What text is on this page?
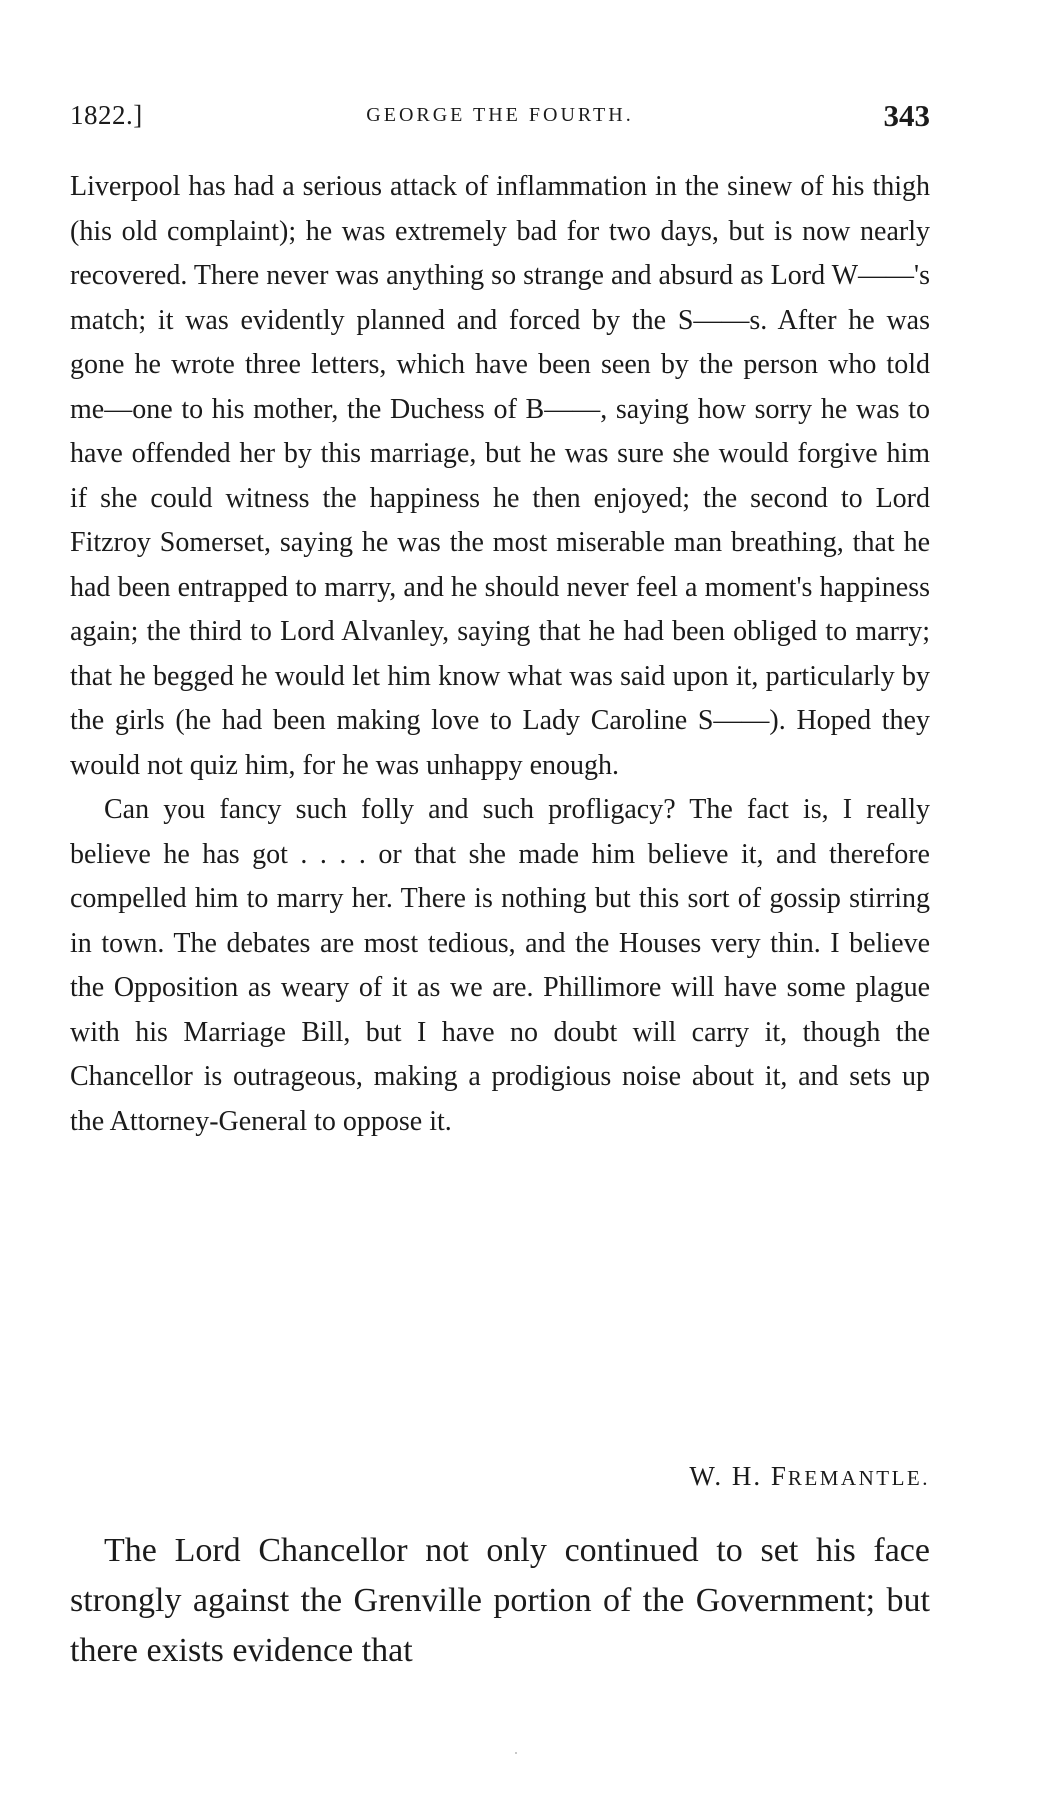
1822.]	GEORGE THE FOURTH.	343

Liverpool has had a serious attack of inflammation in the sinew of his thigh (his old complaint); he was extremely bad for two days, but is now nearly recovered. There never was anything so strange and absurd as Lord W——'s match; it was evidently planned and forced by the S——s. After he was gone he wrote three letters, which have been seen by the person who told me—one to his mother, the Duchess of B——, saying how sorry he was to have offended her by this marriage, but he was sure she would forgive him if she could witness the happiness he then enjoyed; the second to Lord Fitzroy Somerset, saying he was the most miserable man breathing, that he had been entrapped to marry, and he should never feel a moment's happiness again; the third to Lord Alvanley, saying that he had been obliged to marry; that he begged he would let him know what was said upon it, particularly by the girls (he had been making love to Lady Caroline S——). Hoped they would not quiz him, for he was unhappy enough.

Can you fancy such folly and such profligacy? The fact is, I really believe he has got . . . . or that she made him believe it, and therefore compelled him to marry her. There is nothing but this sort of gossip stirring in town. The debates are most tedious, and the Houses very thin. I believe the Opposition as weary of it as we are. Phillimore will have some plague with his Marriage Bill, but I have no doubt will carry it, though the Chancellor is outrageous, making a prodigious noise about it, and sets up the Attorney-General to oppose it.

W. H. FREMANTLE.

The Lord Chancellor not only continued to set his face strongly against the Grenville portion of the Government; but there exists evidence that
